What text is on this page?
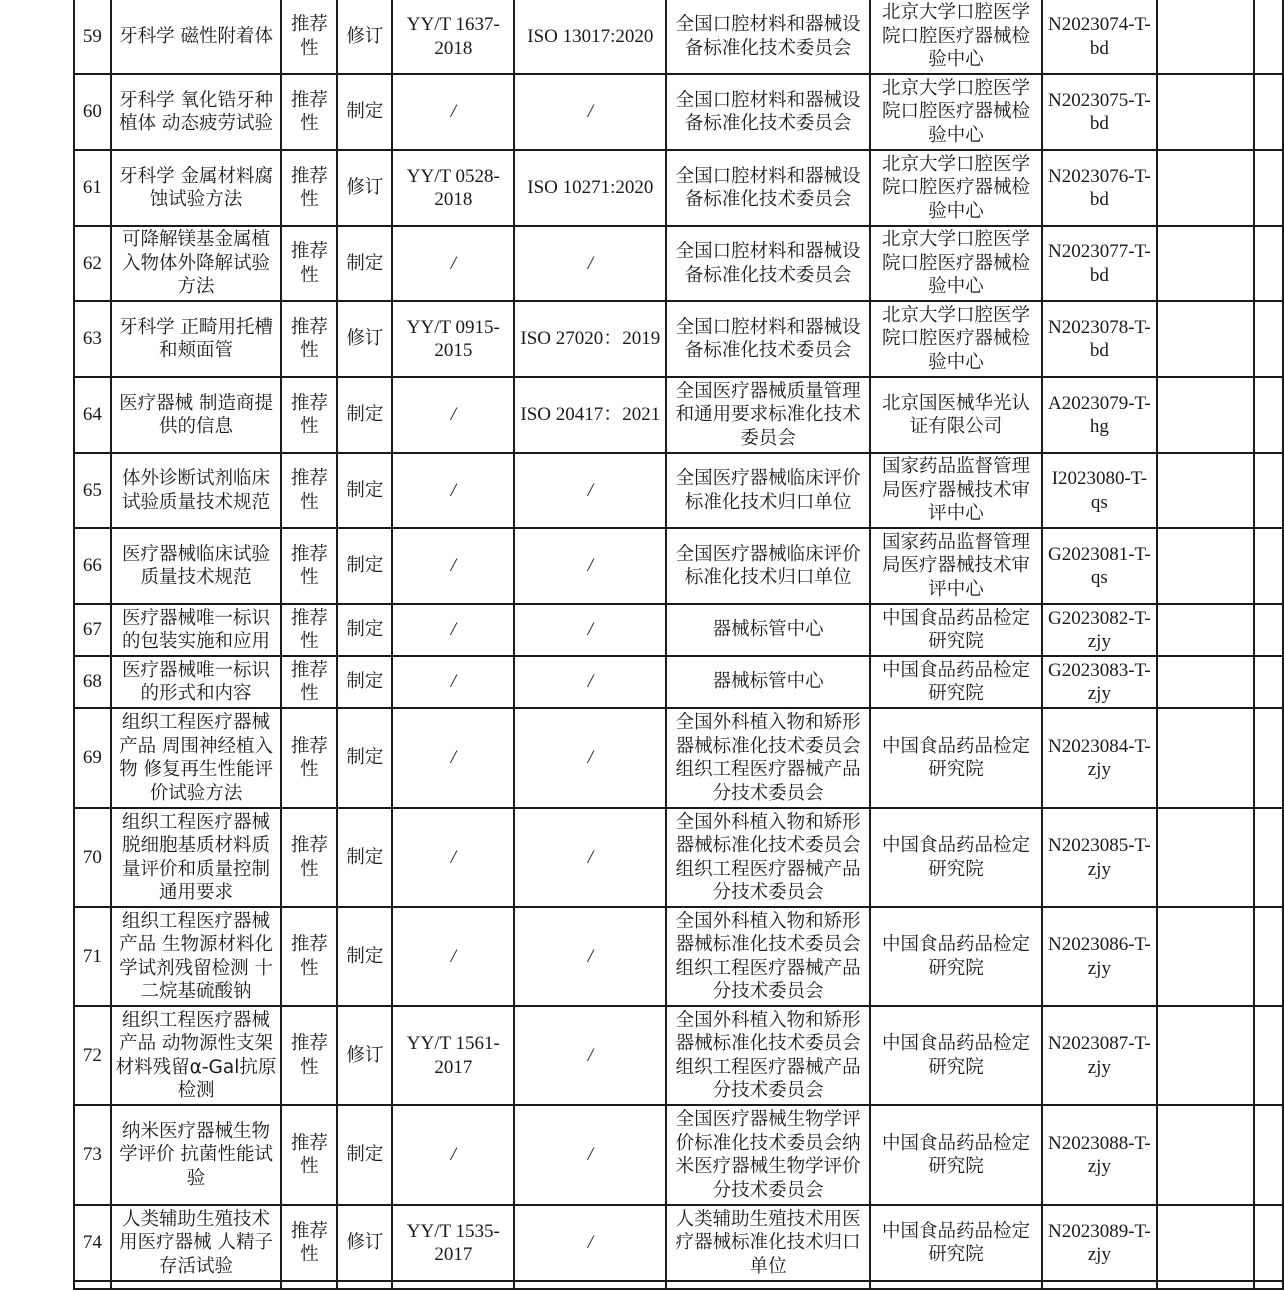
59	牙科学 磁性附着体	推荐性	修订	YY/T 1637-2018	ISO 13017:2020	全国口腔材料和器械设备标准化技术委员会	北京大学口腔医学院口腔医疗器械检验中心	N2023074-T-bd		
60	牙科学 氧化锆牙种植体 动态疲劳试验	推荐性	制定	/	/	全国口腔材料和器械设备标准化技术委员会	北京大学口腔医学院口腔医疗器械检验中心	N2023075-T-bd		
61	牙科学 金属材料腐蚀试验方法	推荐性	修订	YY/T 0528-2018	ISO 10271:2020	全国口腔材料和器械设备标准化技术委员会	北京大学口腔医学院口腔医疗器械检验中心	N2023076-T-bd		
62	可降解镁基金属植入物体外降解试验方法	推荐性	制定	/	/	全国口腔材料和器械设备标准化技术委员会	北京大学口腔医学院口腔医疗器械检验中心	N2023077-T-bd		
63	牙科学 正畸用托槽和颊面管	推荐性	修订	YY/T 0915-2015	ISO 27020：2019	全国口腔材料和器械设备标准化技术委员会	北京大学口腔医学院口腔医疗器械检验中心	N2023078-T-bd		
64	医疗器械 制造商提供的信息	推荐性	制定	/	ISO 20417：2021	全国医疗器械质量管理和通用要求标准化技术委员会	北京国医械华光认证有限公司	A2023079-T-hg		
65	体外诊断试剂临床试验质量技术规范	推荐性	制定	/	/	全国医疗器械临床评价标准化技术归口单位	国家药品监督管理局医疗器械技术审评中心	I2023080-T-qs		
66	医疗器械临床试验质量技术规范	推荐性	制定	/	/	全国医疗器械临床评价标准化技术归口单位	国家药品监督管理局医疗器械技术审评中心	G2023081-T-qs		
67	医疗器械唯一标识的包装实施和应用	推荐性	制定	/	/	器械标管中心	中国食品药品检定研究院	G2023082-T-zjy		
68	医疗器械唯一标识的形式和内容	推荐性	制定	/	/	器械标管中心	中国食品药品检定研究院	G2023083-T-zjy		
69	组织工程医疗器械产品 周围神经植入物 修复再生性能评价试验方法	推荐性	制定	/	/	全国外科植入物和矫形器械标准化技术委员会组织工程医疗器械产品分技术委员会	中国食品药品检定研究院	N2023084-T-zjy		
70	组织工程医疗器械脱细胞基质材料质量评价和质量控制通用要求	推荐性	制定	/	/	全国外科植入物和矫形器械标准化技术委员会组织工程医疗器械产品分技术委员会	中国食品药品检定研究院	N2023085-T-zjy		
71	组织工程医疗器械产品 生物源材料化学试剂残留检测 十二烷基硫酸钠	推荐性	制定	/	/	全国外科植入物和矫形器械标准化技术委员会组织工程医疗器械产品分技术委员会	中国食品药品检定研究院	N2023086-T-zjy		
72	组织工程医疗器械产品 动物源性支架材料残留α-Gal抗原检测	推荐性	修订	YY/T 1561-2017	/	全国外科植入物和矫形器械标准化技术委员会组织工程医疗器械产品分技术委员会	中国食品药品检定研究院	N2023087-T-zjy		
73	纳米医疗器械生物学评价 抗菌性能试验	推荐性	制定	/	/	全国医疗器械生物学评价标准化技术委员会纳米医疗器械生物学评价分技术委员会	中国食品药品检定研究院	N2023088-T-zjy		
74	人类辅助生殖技术用医疗器械 人精子存活试验	推荐性	修订	YY/T 1535-2017	/	人类辅助生殖技术用医疗器械标准化技术归口单位	中国食品药品检定研究院	N2023089-T-zjy		
